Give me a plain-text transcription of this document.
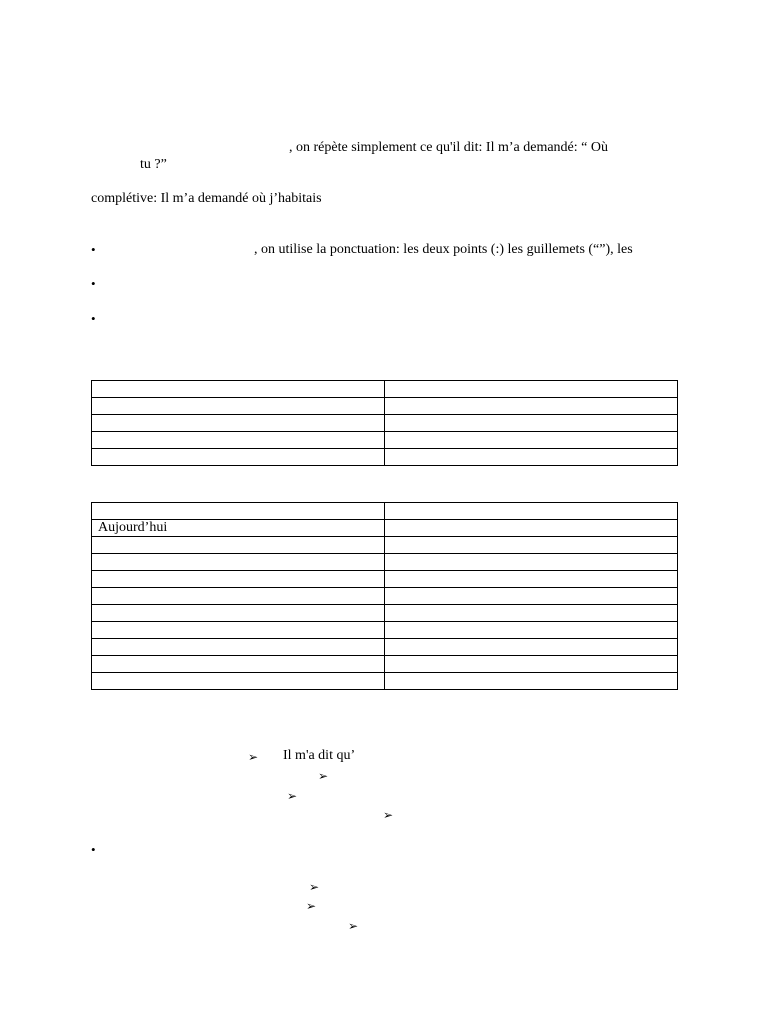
, on répète simplement ce qu'il dit: Il m’a demandé: “ Où
tu ?”
complétive: Il m’a demandé où j’habitais
•	, on utilise la ponctuation: les deux points (:) les guillemets (“”), les
•
•

Aujourd’hui	

➢ Il m'a dit qu’
➢
➢
➢
•
➢
➢
➢
